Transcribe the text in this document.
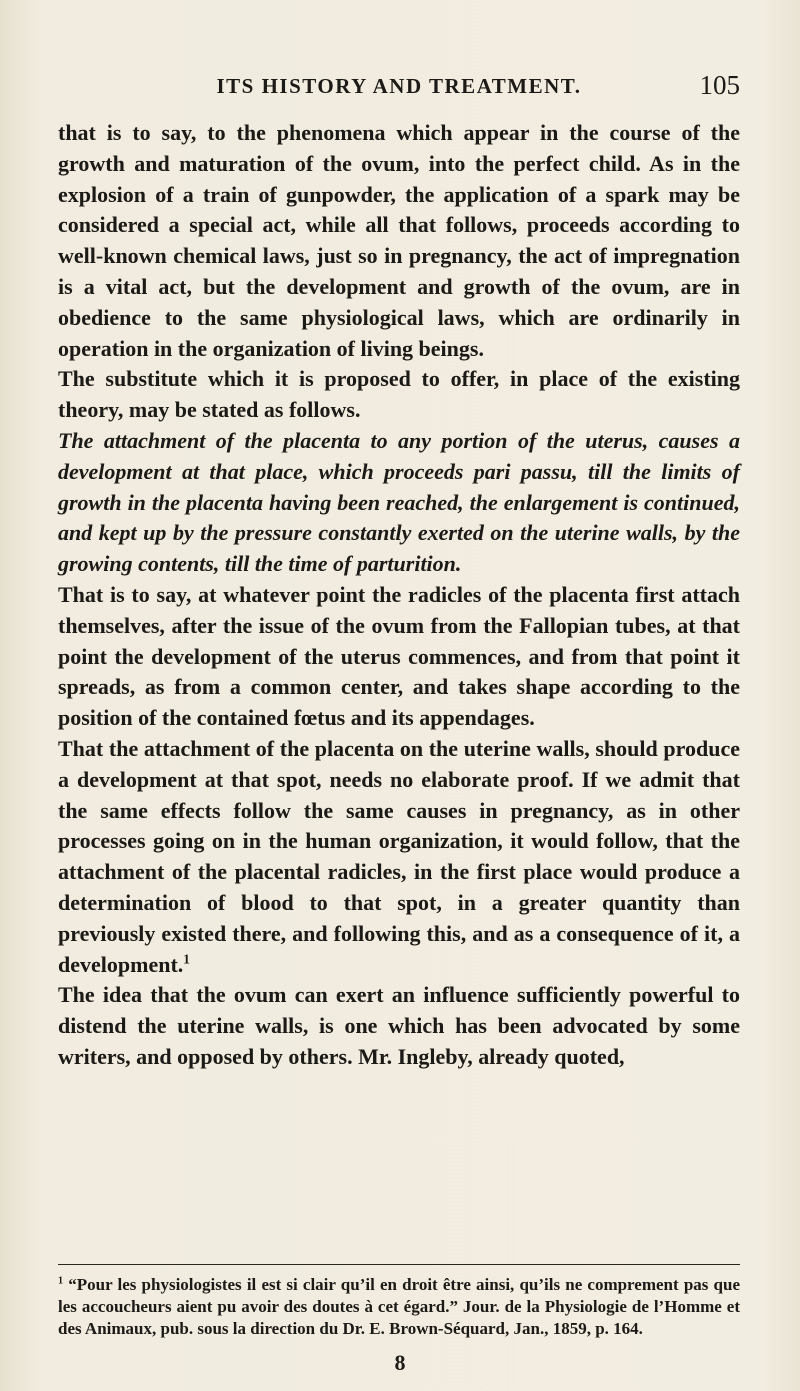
ITS HISTORY AND TREATMENT.	105

that is to say, to the phenomena which appear in the course of the growth and maturation of the ovum, into the perfect child. As in the explosion of a train of gunpowder, the application of a spark may be considered a special act, while all that follows, proceeds according to well-known chemical laws, just so in pregnancy, the act of impregnation is a vital act, but the development and growth of the ovum, are in obedience to the same physiological laws, which are ordinarily in operation in the organization of living beings.

The substitute which it is proposed to offer, in place of the existing theory, may be stated as follows.

The attachment of the placenta to any portion of the uterus, causes a development at that place, which proceeds pari passu, till the limits of growth in the placenta having been reached, the enlargement is continued, and kept up by the pressure constantly exerted on the uterine walls, by the growing contents, till the time of parturition.

That is to say, at whatever point the radicles of the placenta first attach themselves, after the issue of the ovum from the Fallopian tubes, at that point the development of the uterus commences, and from that point it spreads, as from a common center, and takes shape according to the position of the contained fœtus and its appendages.

That the attachment of the placenta on the uterine walls, should produce a development at that spot, needs no elaborate proof. If we admit that the same effects follow the same causes in pregnancy, as in other processes going on in the human organization, it would follow, that the attachment of the placental radicles, in the first place would produce a determination of blood to that spot, in a greater quantity than previously existed there, and following this, and as a consequence of it, a development.$^1$

The idea that the ovum can exert an influence sufficiently powerful to distend the uterine walls, is one which has been advocated by some writers, and opposed by others. Mr. Ingleby, already quoted,

$^1$ “Pour les physiologistes il est si clair qu’il en droit être ainsi, qu’ils ne comprement pas que les accoucheurs aient pu avoir des doutes à cet égard.” Jour. de la Physiologie de l’Homme et des Animaux, pub. sous la direction du Dr. E. Brown-Séquard, Jan., 1859, p. 164.
8
